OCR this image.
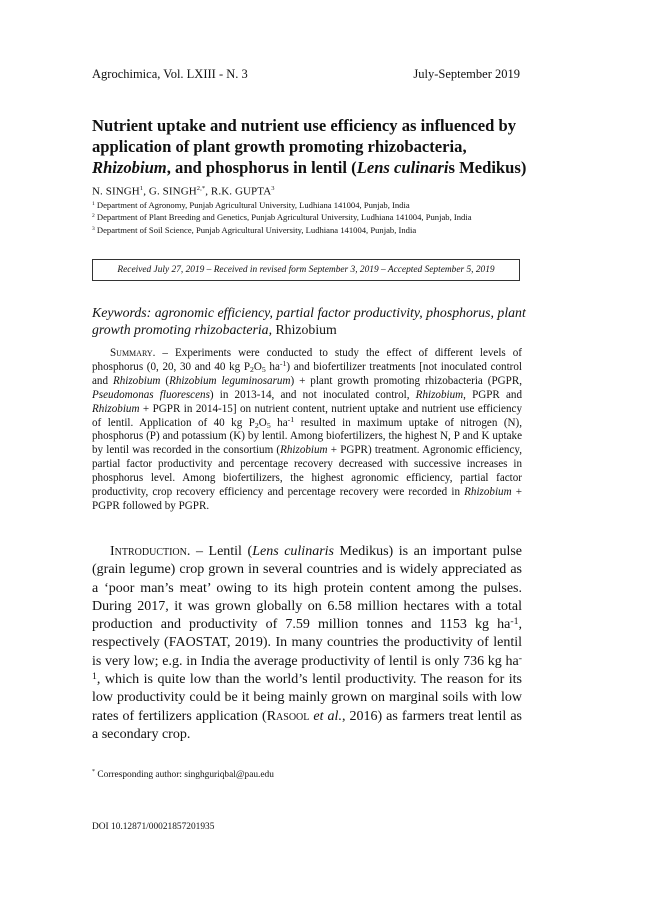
Agrochimica, Vol. LXIII - N. 3	July-September 2019
Nutrient uptake and nutrient use efficiency as influenced by application of plant growth promoting rhizobacteria, Rhizobium, and phosphorus in lentil (Lens culinaris Medikus)
N. SINGH$^1$, G. $SINGH^{2,*}$, R.K. GUPTA$^3$
$^1$ Department of Agronomy, Punjab Agricultural University, Ludhiana 141004, Punjab, India
$^2$ Department of Plant Breeding and Genetics, Punjab Agricultural University, Ludhiana 141004, Punjab, India
$^3$ Department of Soil Science, Punjab Agricultural University, Ludhiana 141004, Punjab, India
Received July 27, 2019 – Received in revised form September 3, 2019 – Accepted September 5, 2019
Keywords: agronomic efficiency, partial factor productivity, phosphorus, plant growth promoting rhizobacteria, Rhizobium
Summary. – Experiments were conducted to study the effect of different levels of phosphorus (0, 20, 30 and 40 kg $P_2O_5$ $ha^{-1}$) and biofertilizer treatments [not inoculated control and Rhizobium (Rhizobium leguminosarum) + plant growth promoting rhizobacteria (PGPR, Pseudomonas fluorescens) in 2013-14, and not inoculated control, Rhizobium, PGPR and Rhizobium + PGPR in 2014-15] on nutrient content, nutrient uptake and nutrient use efficiency of lentil. Application of 40 kg $P_2O_5$ $ha^{-1}$ resulted in maximum uptake of nitrogen (N), phosphorus (P) and potassium (K) by lentil. Among biofertilizers, the highest N, P and K uptake by lentil was recorded in the consortium (Rhizobium + PGPR) treatment. Agronomic efficiency, partial factor productivity and percentage recovery decreased with successive increases in phosphorus level. Among biofertilizers, the highest agronomic efficiency, partial factor productivity, crop recovery efficiency and percentage recovery were recorded in Rhizobium + PGPR followed by PGPR.
Introduction. – Lentil (Lens culinaris Medikus) is an important pulse (grain legume) crop grown in several countries and is widely appreciated as a ‘poor man’s meat’ owing to its high protein content among the pulses. During 2017, it was grown globally on 6.58 million hectares with a total production and productivity of 7.59 million tonnes and 1153 kg $ha^{-1}$, respectively (FAOSTAT, 2019). In many countries the productivity of lentil is very low; e.g. in India the average productivity of lentil is only 736 kg $ha^{-1}$, which is quite low than the world’s lentil productivity. The reason for its low productivity could be it being mainly grown on marginal soils with low rates of fertilizers application (Rasool et al., 2016) as farmers treat lentil as a secondary crop.
* Corresponding author: singhguriqbal@pau.edu
DOI 10.12871/00021857201935
